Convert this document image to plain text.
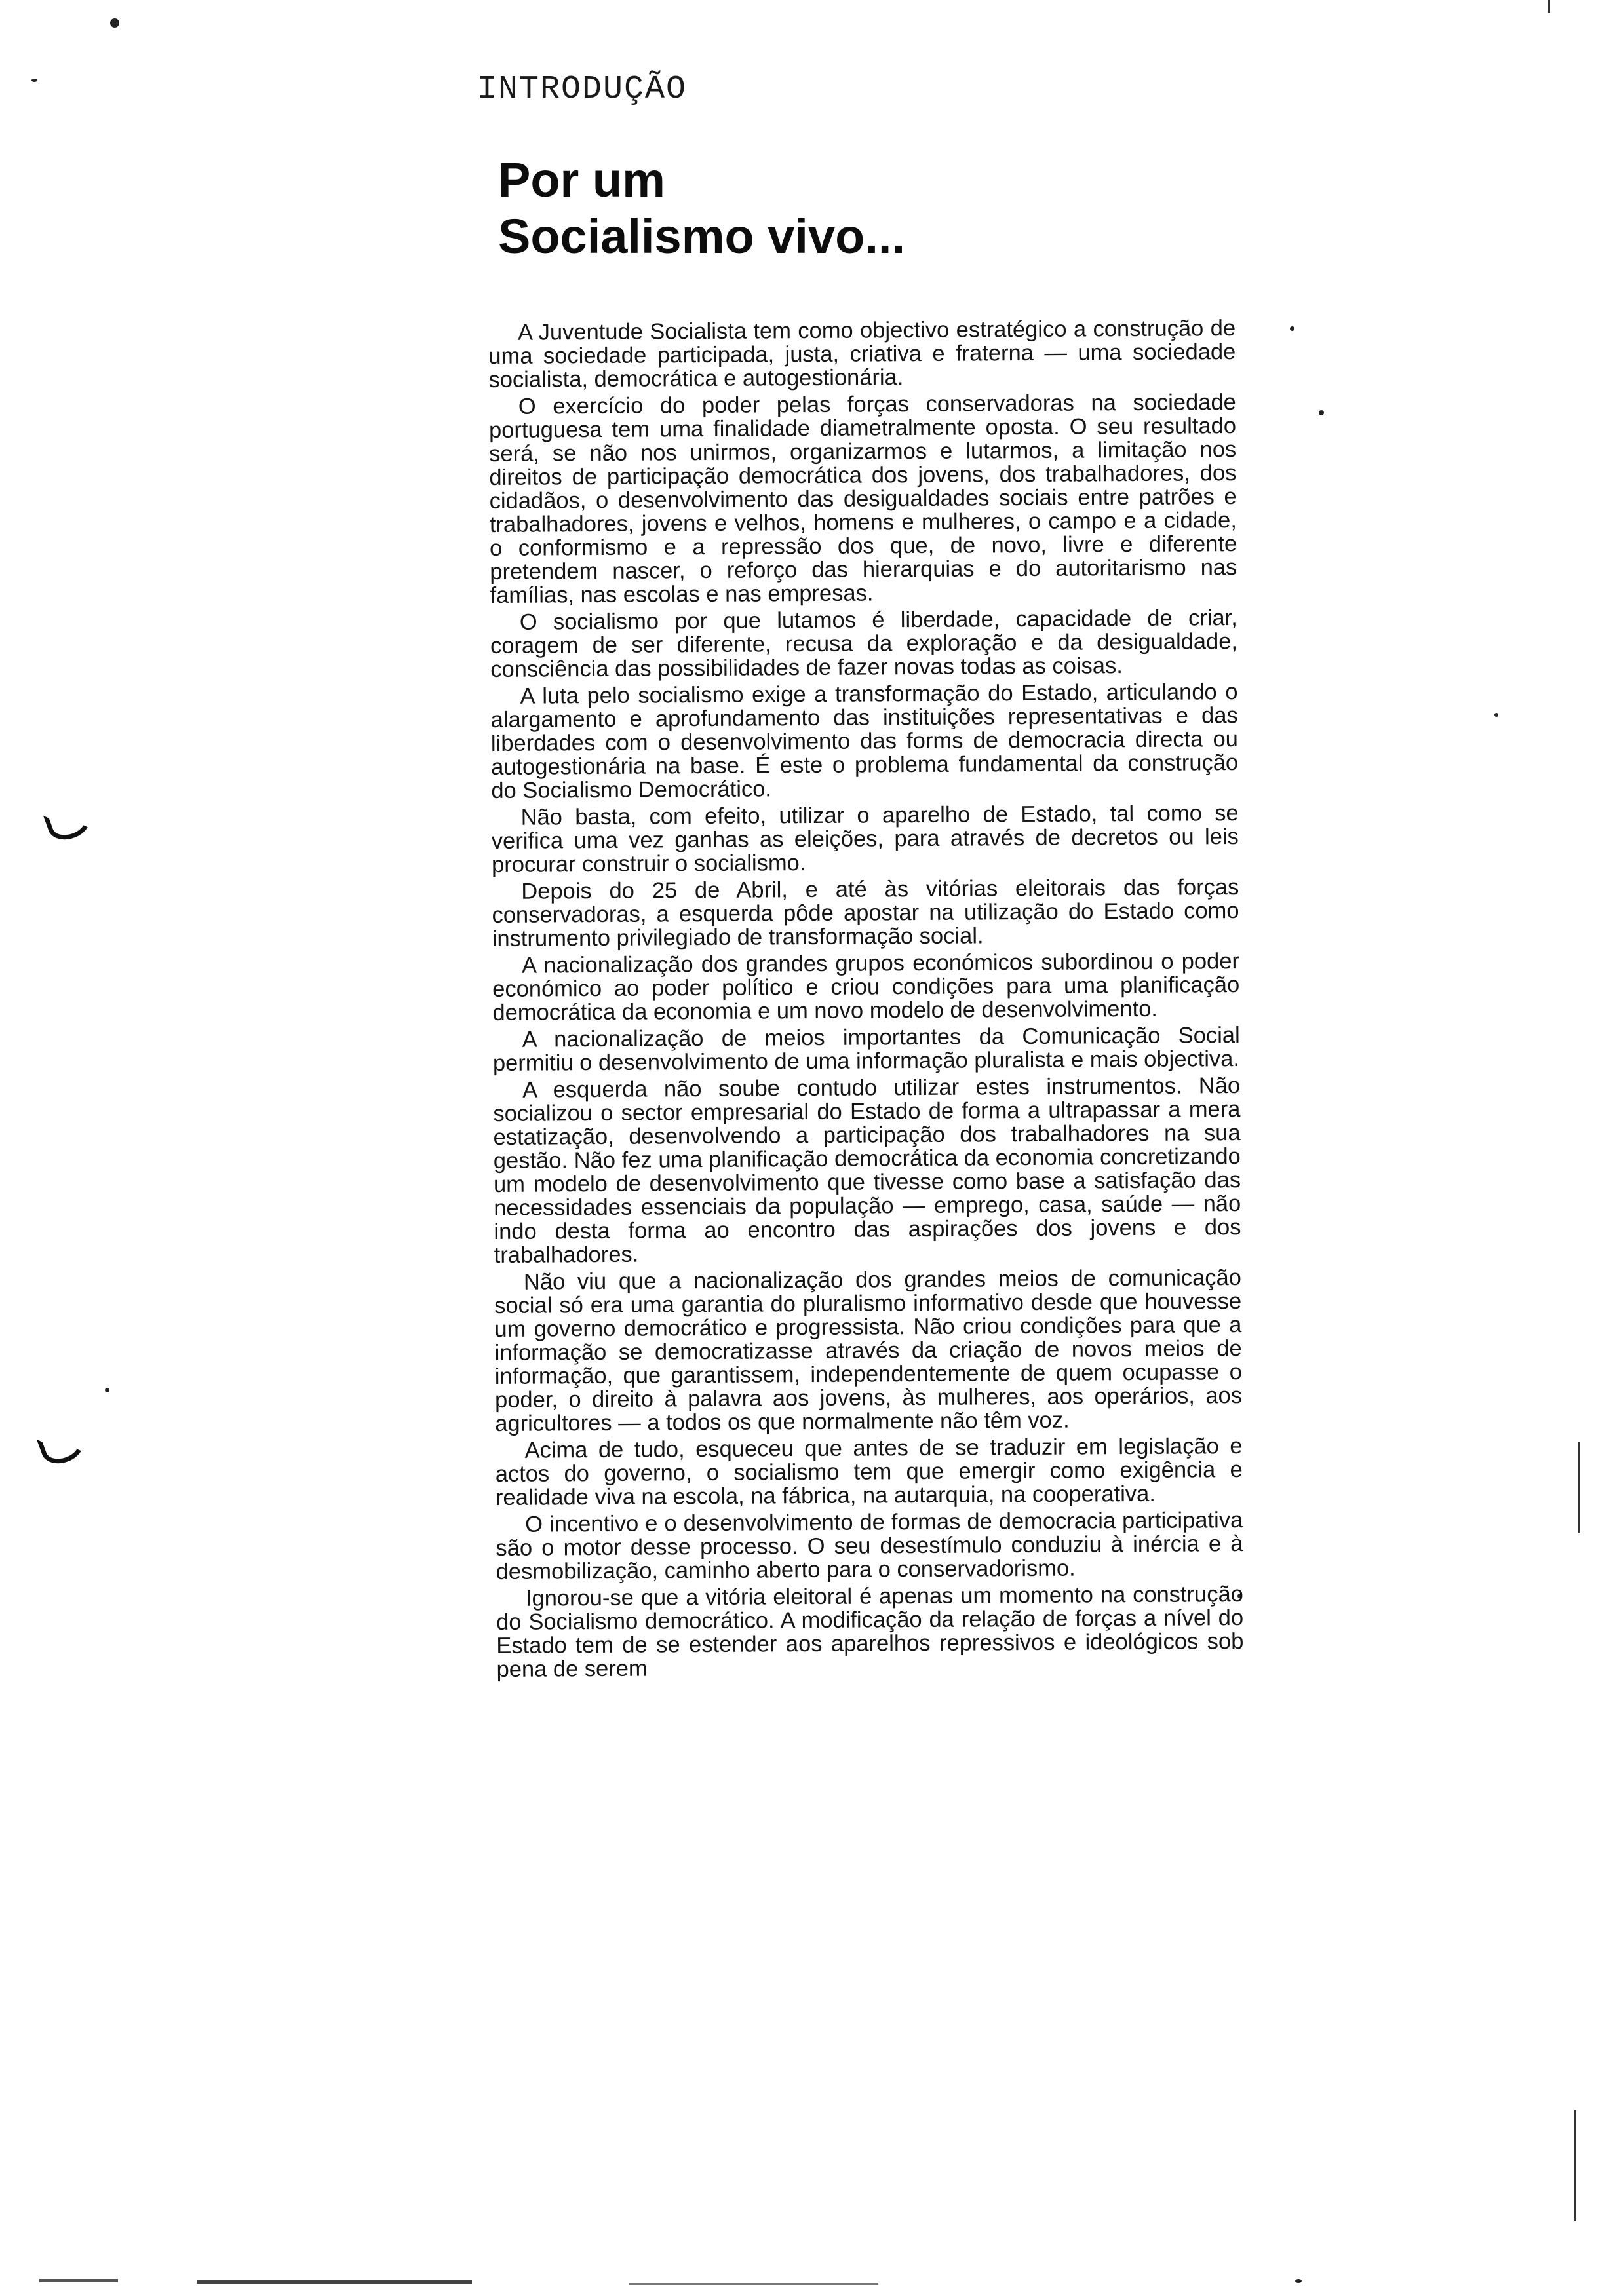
INTRODUÇÃO
Por um
Socialismo vivo...

A Juventude Socialista tem como objectivo estratégico a construção de uma sociedade participada, justa, criativa e fraterna — uma sociedade socialista, democrática e autogestionária.

O exercício do poder pelas forças conservadoras na sociedade portuguesa tem uma finalidade diametralmente oposta. O seu resultado será, se não nos unirmos, organizarmos e lutarmos, a limitação nos direitos de participação democrática dos jovens, dos trabalhadores, dos cidadãos, o desenvolvimento das desigualdades sociais entre patrões e trabalhadores, jovens e velhos, homens e mulheres, o campo e a cidade, o conformismo e a repressão dos que, de novo, livre e diferente pretendem nascer, o reforço das hierarquias e do autoritarismo nas famílias, nas escolas e nas empresas.

O socialismo por que lutamos é liberdade, capacidade de criar, coragem de ser diferente, recusa da exploração e da desigualdade, consciência das possibilidades de fazer novas todas as coisas.

A luta pelo socialismo exige a transformação do Estado, articulando o alargamento e aprofundamento das instituições representativas e das liberdades com o desenvolvimento das forms de democracia directa ou autogestionária na base. É este o problema fundamental da construção do Socialismo Democrático.

Não basta, com efeito, utilizar o aparelho de Estado, tal como se verifica uma vez ganhas as eleições, para através de decretos ou leis procurar construir o socialismo.

Depois do 25 de Abril, e até às vitórias eleitorais das forças conservadoras, a esquerda pôde apostar na utilização do Estado como instrumento privilegiado de transformação social.

A nacionalização dos grandes grupos económicos subordinou o poder económico ao poder político e criou condições para uma planificação democrática da economia e um novo modelo de desenvolvimento.

A nacionalização de meios importantes da Comunicação Social permitiu o desenvolvimento de uma informação pluralista e mais objectiva.

A esquerda não soube contudo utilizar estes instrumentos. Não socializou o sector empresarial do Estado de forma a ultrapassar a mera estatização, desenvolvendo a participação dos trabalhadores na sua gestão. Não fez uma planificação democrática da economia concretizando um modelo de desenvolvimento que tivesse como base a satisfação das necessidades essenciais da população — emprego, casa, saúde — não indo desta forma ao encontro das aspirações dos jovens e dos trabalhadores.

Não viu que a nacionalização dos grandes meios de comunicação social só era uma garantia do pluralismo informativo desde que houvesse um governo democrático e progressista. Não criou condições para que a informação se democratizasse através da criação de novos meios de informação, que garantissem, independentemente de quem ocupasse o poder, o direito à palavra aos jovens, às mulheres, aos operários, aos agricultores — a todos os que normalmente não têm voz.

Acima de tudo, esqueceu que antes de se traduzir em legislação e actos do governo, o socialismo tem que emergir como exigência e realidade viva na escola, na fábrica, na autarquia, na cooperativa.

O incentivo e o desenvolvimento de formas de democracia participativa são o motor desse processo. O seu desestímulo conduziu à inércia e à desmobilização, caminho aberto para o conservadorismo.

Ignorou-se que a vitória eleitoral é apenas um momento na construção do Socialismo democrático. A modificação da relação de forças a nível do Estado tem de se estender aos aparelhos repressivos e ideológicos sob pena de serem
